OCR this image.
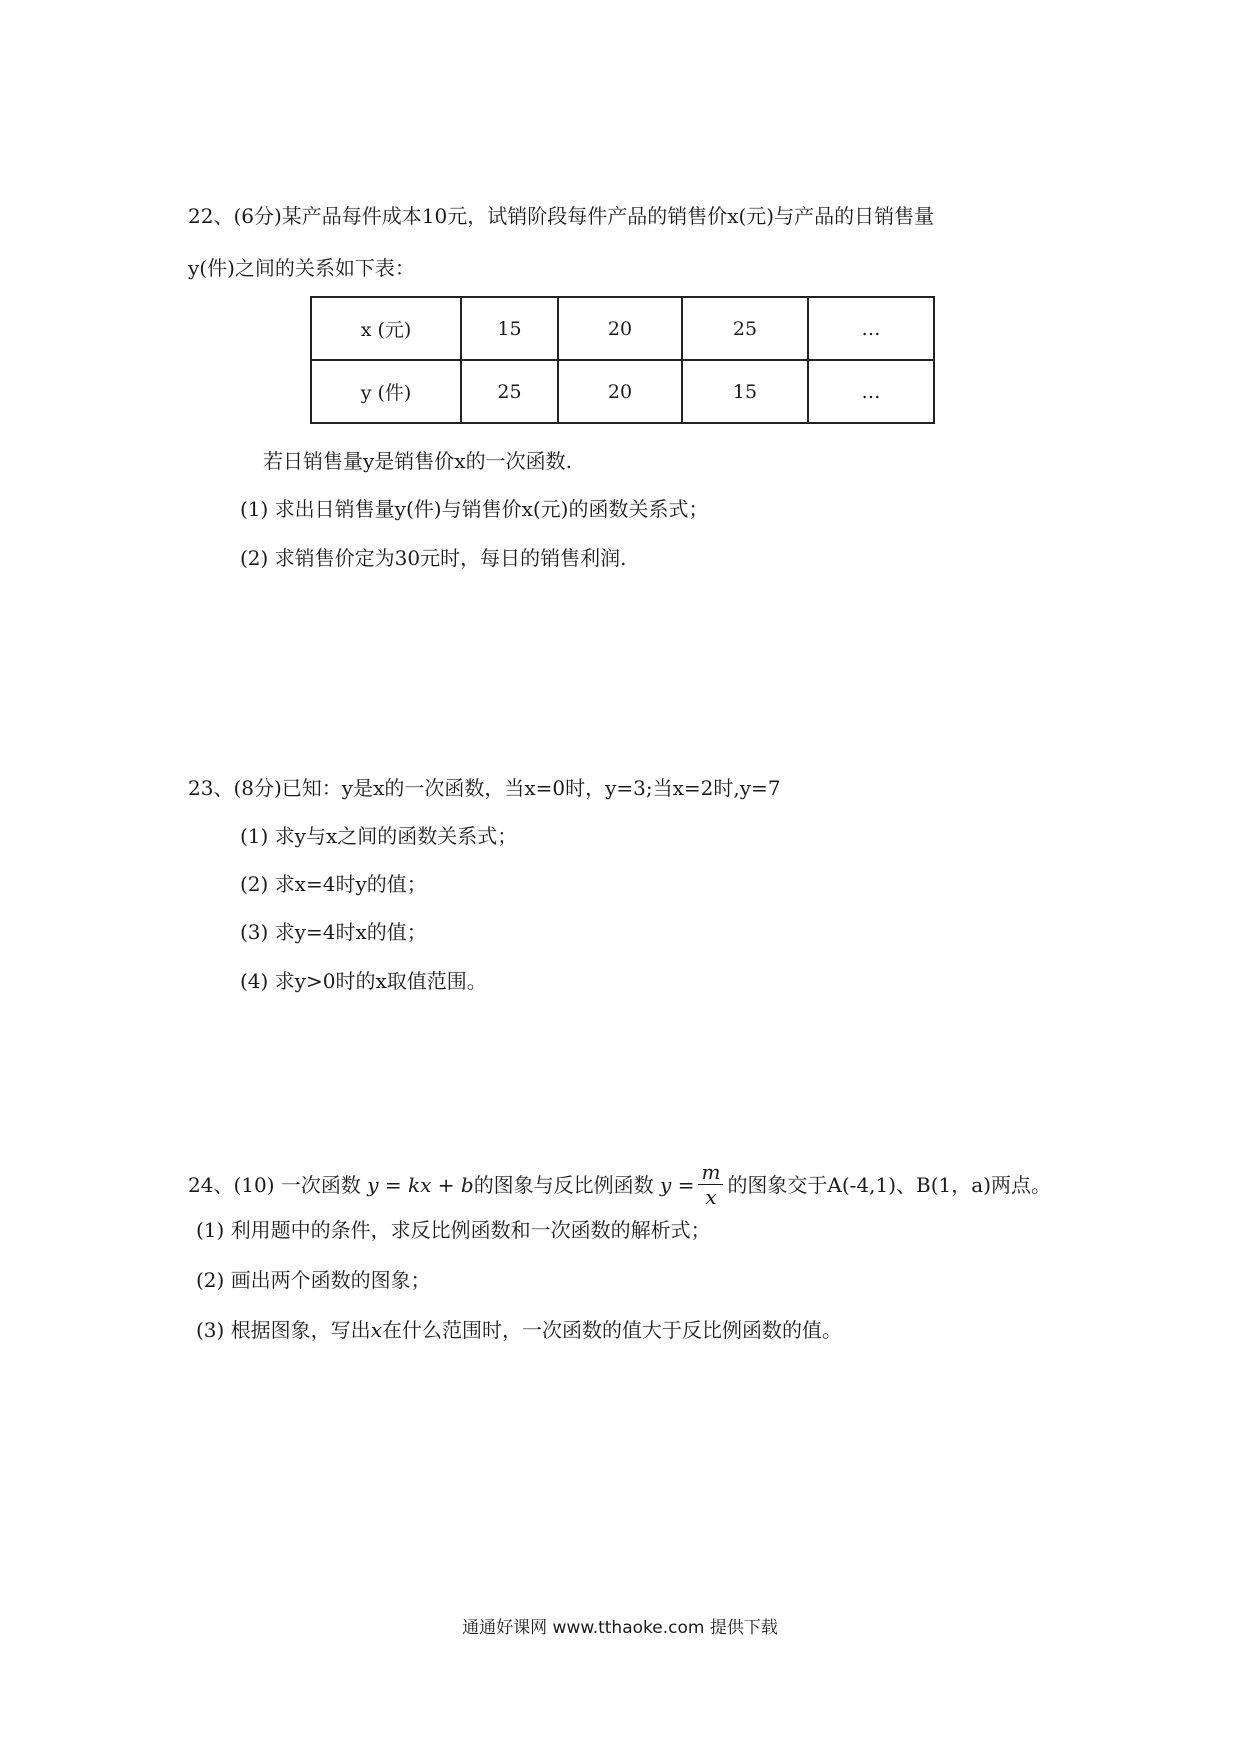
22、(6分)某产品每件成本10元，试销阶段每件产品的销售价x(元)与产品的日销售量
y(件)之间的关系如下表：
x (元)	15	20	25	…
y (件)	25	20	15	…
若日销售量y是销售价x的一次函数.
(1) 求出日销售量y(件)与销售价x(元)的函数关系式；
(2) 求销售价定为30元时，每日的销售利润.
23、(8分)已知：y是x的一次函数，当x=0时，y=3;当x=2时,y=7
(1) 求y与x之间的函数关系式；
(2) 求x=4时y的值；
(3) 求y=4时x的值；
(4) 求y>0时的x取值范围。
24、(10) 一次函数 y = kx + b的图象与反比例函数 $y = \frac{m}{x}$ 的图象交于A(-4,1)、B(1，a)两点。
(1) 利用题中的条件，求反比例函数和一次函数的解析式；
(2) 画出两个函数的图象；
(3) 根据图象，写出x在什么范围时，一次函数的值大于反比例函数的值。
通通好课网 www.tthaoke.com 提供下载
